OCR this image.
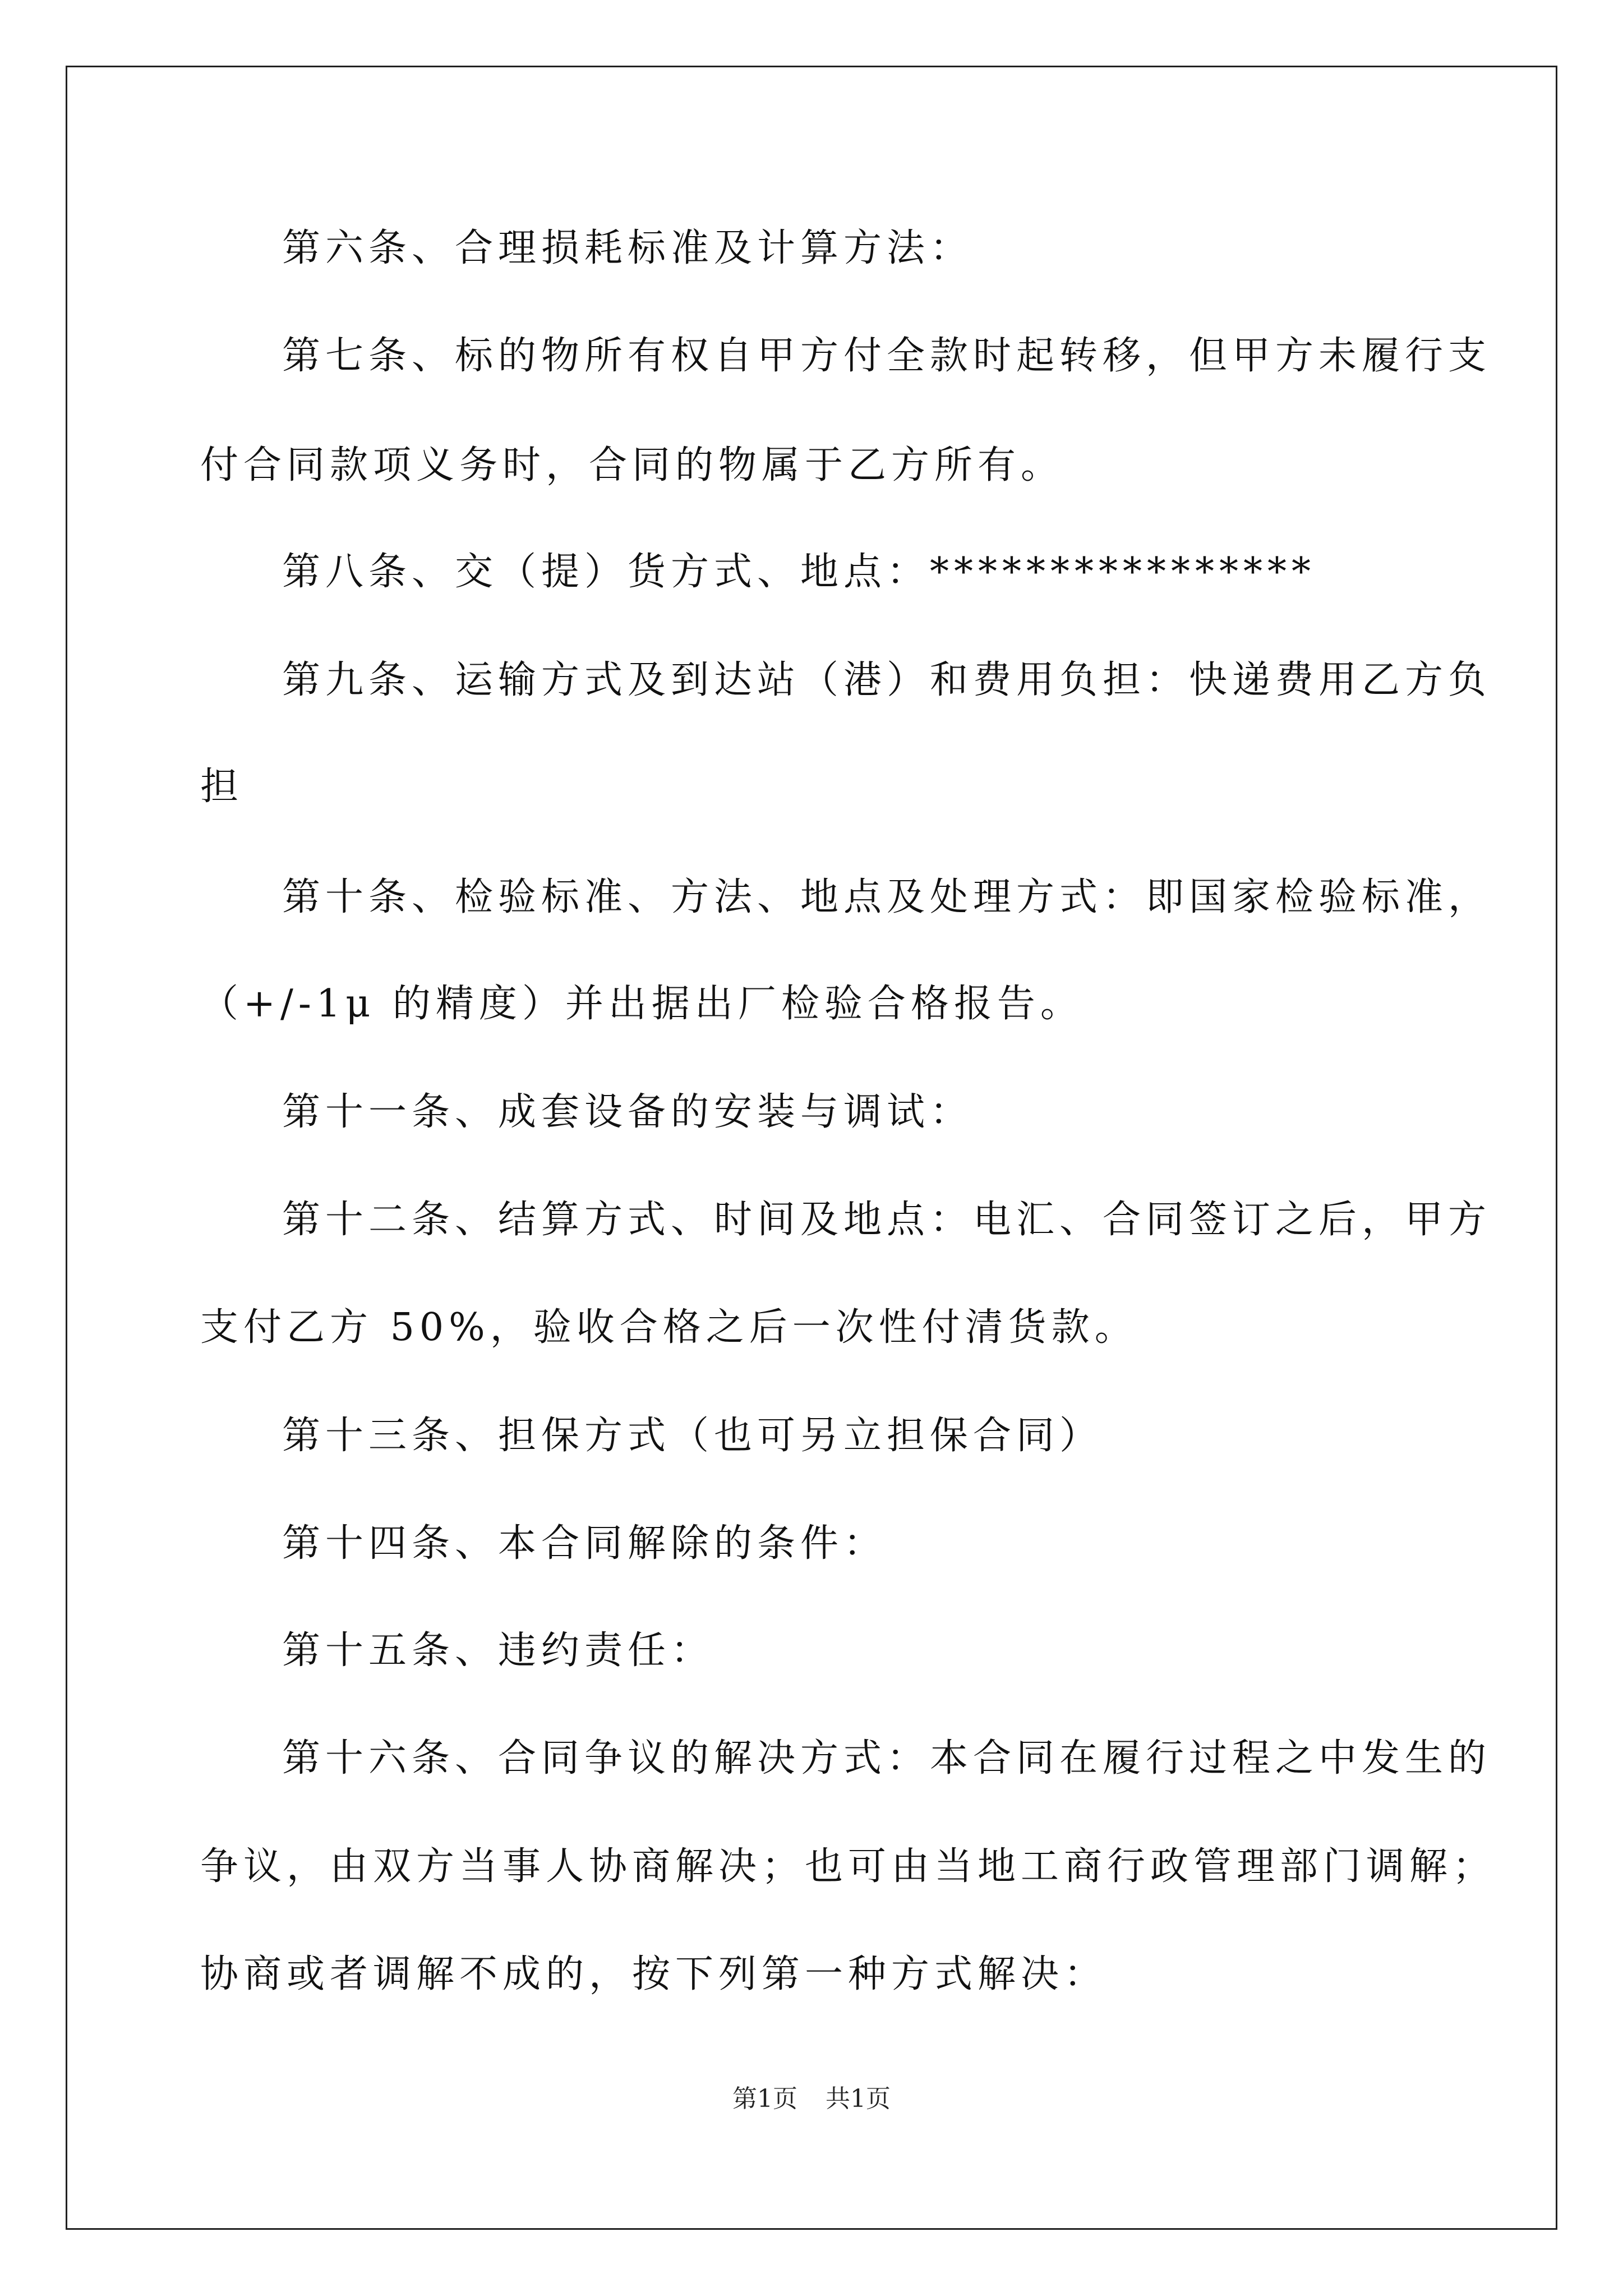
第六条、合理损耗标准及计算方法：

第七条、标的物所有权自甲方付全款时起转移，但甲方未履行支

付合同款项义务时，合同的物属于乙方所有。

第八条、交（提）货方式、地点：****************

第九条、运输方式及到达站（港）和费用负担：快递费用乙方负

担

第十条、检验标准、方法、地点及处理方式：即国家检验标准，

（+/-1μ 的精度）并出据出厂检验合格报告。

第十一条、成套设备的安装与调试：

第十二条、结算方式、时间及地点：电汇、合同签订之后，甲方

支付乙方 50%，验收合格之后一次性付清货款。

第十三条、担保方式（也可另立担保合同）

第十四条、本合同解除的条件：

第十五条、违约责任：

第十六条、合同争议的解决方式：本合同在履行过程之中发生的

争议，由双方当事人协商解决；也可由当地工商行政管理部门调解；

协商或者调解不成的，按下列第一种方式解决：

第1页 共1页
